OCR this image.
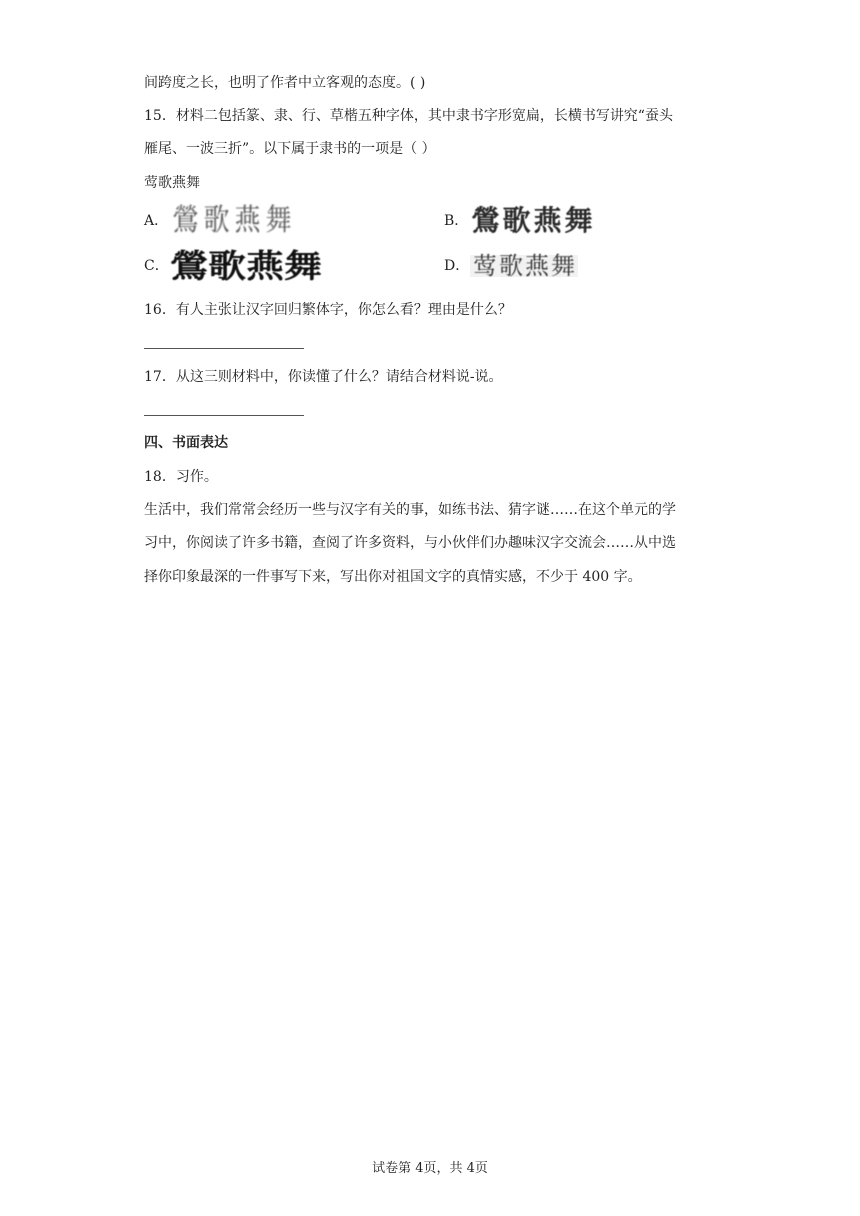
间跨度之长，也明了作者中立客观的态度。( )
15．材料二包括篆、隶、行、草楷五种字体，其中隶书字形宽扁，长横书写讲究“蚕头
雁尾、一波三折”。以下属于隶书的一项是（ ）
莺歌燕舞
A． 鶯 歌 燕 舞	B． 鶯 歌 燕 舞
C． 鶯 歌 燕 舞	D． 莺 歌 燕 舞
16．有人主张让汉字回归繁体字，你怎么看？理由是什么？
17．从这三则材料中，你读懂了什么？请结合材料说-说。
四、书面表达
18．习作。
生活中，我们常常会经历一些与汉字有关的事，如练书法、猜字谜……在这个单元的学
习中，你阅读了许多书籍，查阅了许多资料，与小伙伴们办趣味汉字交流会……从中选
择你印象最深的一件事写下来，写出你对祖国文字的真情实感，不少于 400 字。
试卷第 4页，共 4页
